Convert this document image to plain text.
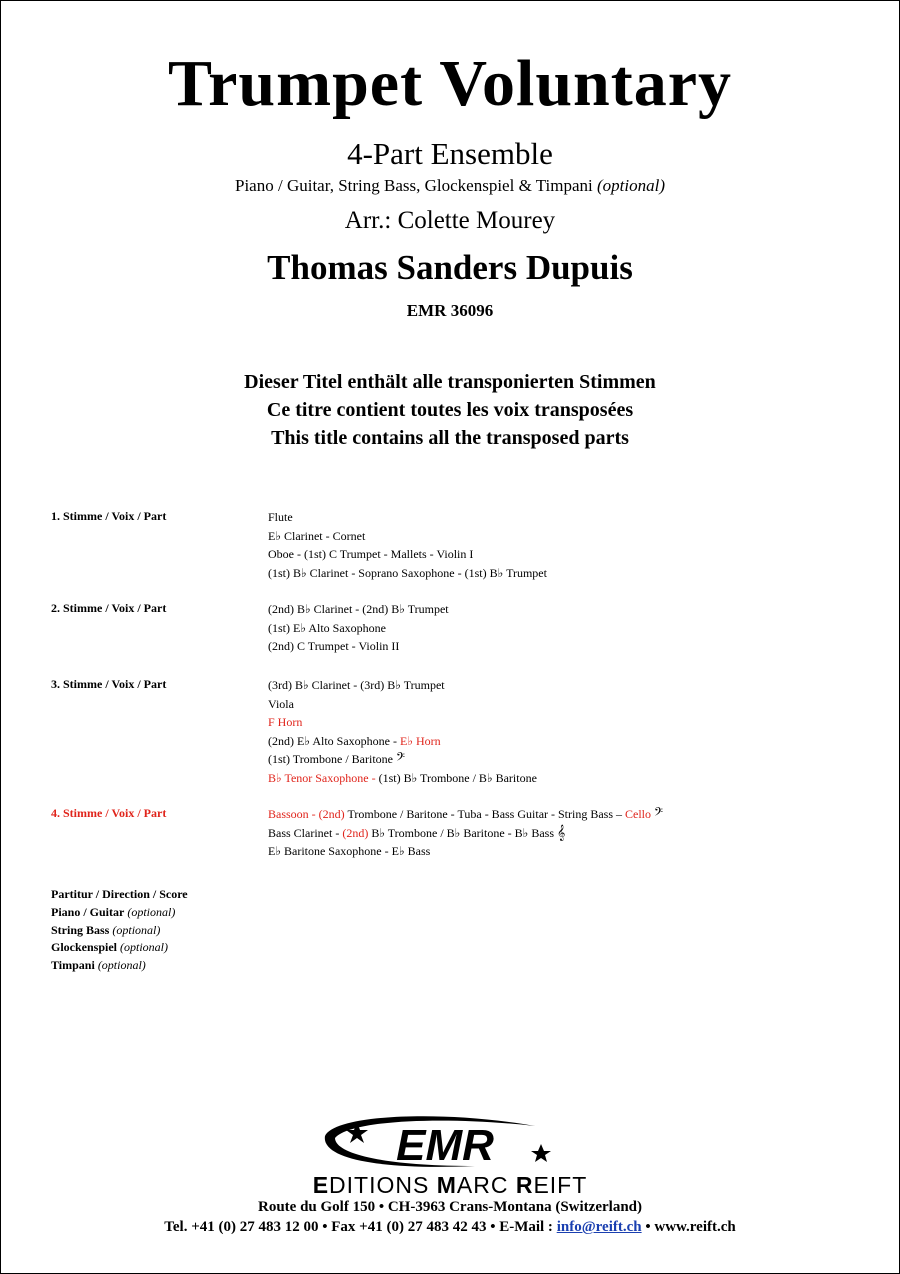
Trumpet Voluntary
4-Part Ensemble
Piano / Guitar, String Bass, Glockenspiel & Timpani (optional)
Arr.: Colette Mourey
Thomas Sanders Dupuis
EMR 36096
Dieser Titel enthält alle transponierten Stimmen
Ce titre contient toutes les voix transposées
This title contains all the transposed parts
1. Stimme / Voix / Part	Flute
E♭ Clarinet - Cornet
Oboe - (1st) C Trumpet - Mallets - Violin I
(1st) B♭ Clarinet - Soprano Saxophone - (1st) B♭ Trumpet
2. Stimme / Voix / Part	(2nd) B♭ Clarinet - (2nd) B♭ Trumpet
(1st) E♭ Alto Saxophone
(2nd) C Trumpet - Violin II
3. Stimme / Voix / Part	(3rd) B♭ Clarinet - (3rd) B♭ Trumpet
Viola
F Horn
(2nd) E♭ Alto Saxophone - E♭ Horn
(1st) Trombone / Baritone 𝄢
B♭ Tenor Saxophone - (1st) B♭ Trombone / B♭ Baritone
4. Stimme / Voix / Part	Bassoon - (2nd) Trombone / Baritone - Tuba - Bass Guitar - String Bass – Cello 𝄢
Bass Clarinet - (2nd) B♭ Trombone / B♭ Baritone - B♭ Bass 𝄞
E♭ Baritone Saxophone - E♭ Bass
Partitur / Direction / Score
Piano / Guitar (optional)
String Bass (optional)
Glockenspiel (optional)
Timpani (optional)
EMR
EDITIONS MARC REIFT
Route du Golf 150 • CH-3963 Crans-Montana (Switzerland)
Tel. +41 (0) 27 483 12 00 • Fax +41 (0) 27 483 42 43 • E-Mail : info@reift.ch • www.reift.ch
